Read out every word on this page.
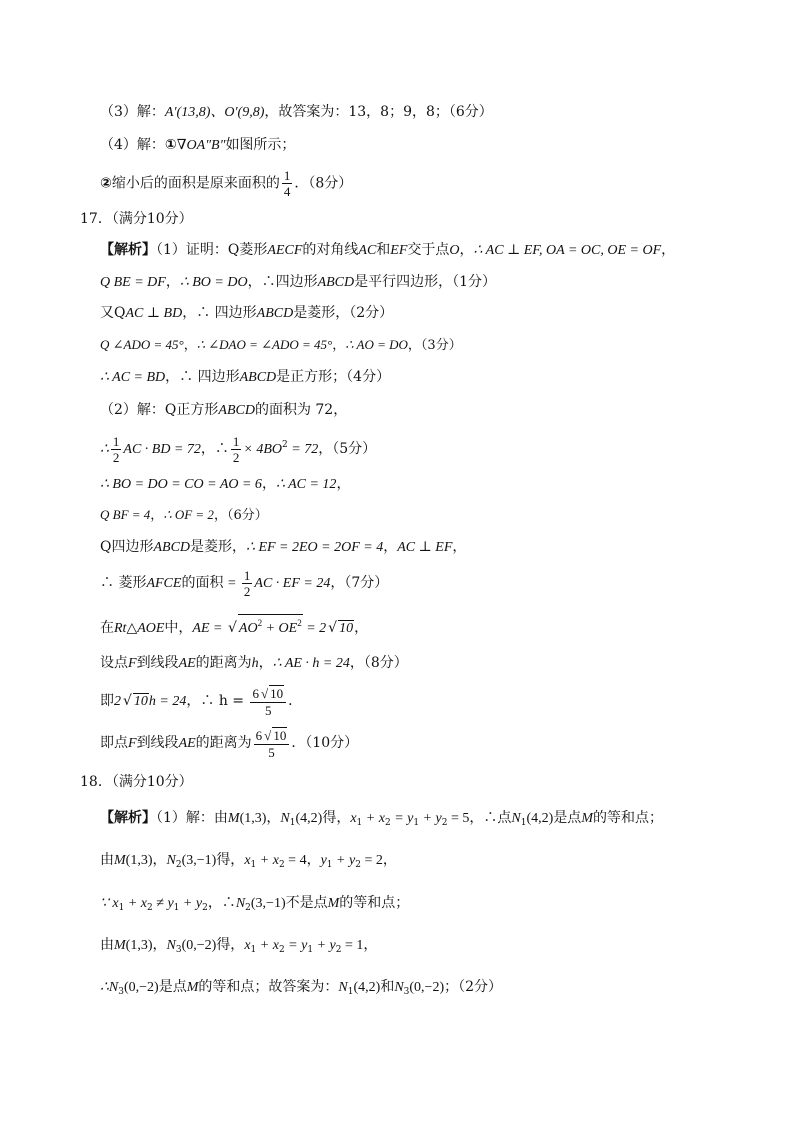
（3）解：A′(13,8)、O′(9,8)，故答案为：13，8；9，8；（6分）
（4）解：①∇OA″B″如图所示；
②缩小后的面积是原来面积的 $\frac{1}{4}$ ．（8分）
17．（满分10分）
【解析】（1）证明：Q菱形AECF的对角线AC和EF交于点O，∴ AC ⊥ EF, OA = OC, OE = OF，
Q BE = DF，∴ BO = DO，∴四边形ABCD是平行四边形，（1分）
又QAC ⊥ BD，∴ 四边形ABCD是菱形，（2分）
Q ∠ADO = 45°，∴ ∠DAO = ∠ADO = 45°，∴ AO = DO，（3分）
∴ AC = BD，∴ 四边形ABCD是正方形；（4分）
（2）解：Q正方形ABCD的面积为 72，
∴ $\frac{1}{2}$ AC · BD = 72，∴ $\frac{1}{2} \times 4BO^2 = 72$，（5分）
∴ BO = DO = CO = AO = 6，∴ AC = 12，
Q BF = 4，∴ OF = 2，（6分）
Q四边形ABCD是菱形，∴ EF = 2EO = 2OF = 4，AC ⊥ EF，
∴ 菱形AFCE的面积 = $\frac{1}{2}$ AC · EF = 24，（7分）
在Rt△AOE中，AE = √ $AO^2 + OE^2 = 2$ √ 10，
设点F到线段AE的距离为h，∴ AE · h = 24，（8分）
即2 √ 10h = 24，∴ $h = \frac{6 √ 10}{5}$ ．
即点F到线段AE的距离为 $\frac{6 √ 10}{5}$ ．（10分）
18．（满分10分）
【解析】（1）解：由M(1,3)，$N_1(4,2)$得，$x_1 + x_2 = y_1 + y_2 = 5$，∴点$N_1(4,2)$是点M的等和点；
由M(1,3)，$N_2(3,-1)$得，$x_1 + x_2 = 4$，$y_1 + y_2 = 2$，
∵ $x_1 + x_2 \ne y_1 + y_2$，$\therefore N_2(3,-1)$不是点M的等和点；
由M(1,3)，$N_3(0,-2)$得，$x_1 + x_2 = y_1 + y_2 = 1$，
$\therefore N_3(0,-2)$是点M的等和点；故答案为：$N_1(4,2)$和$N_3(0,-2)$；（2分）
